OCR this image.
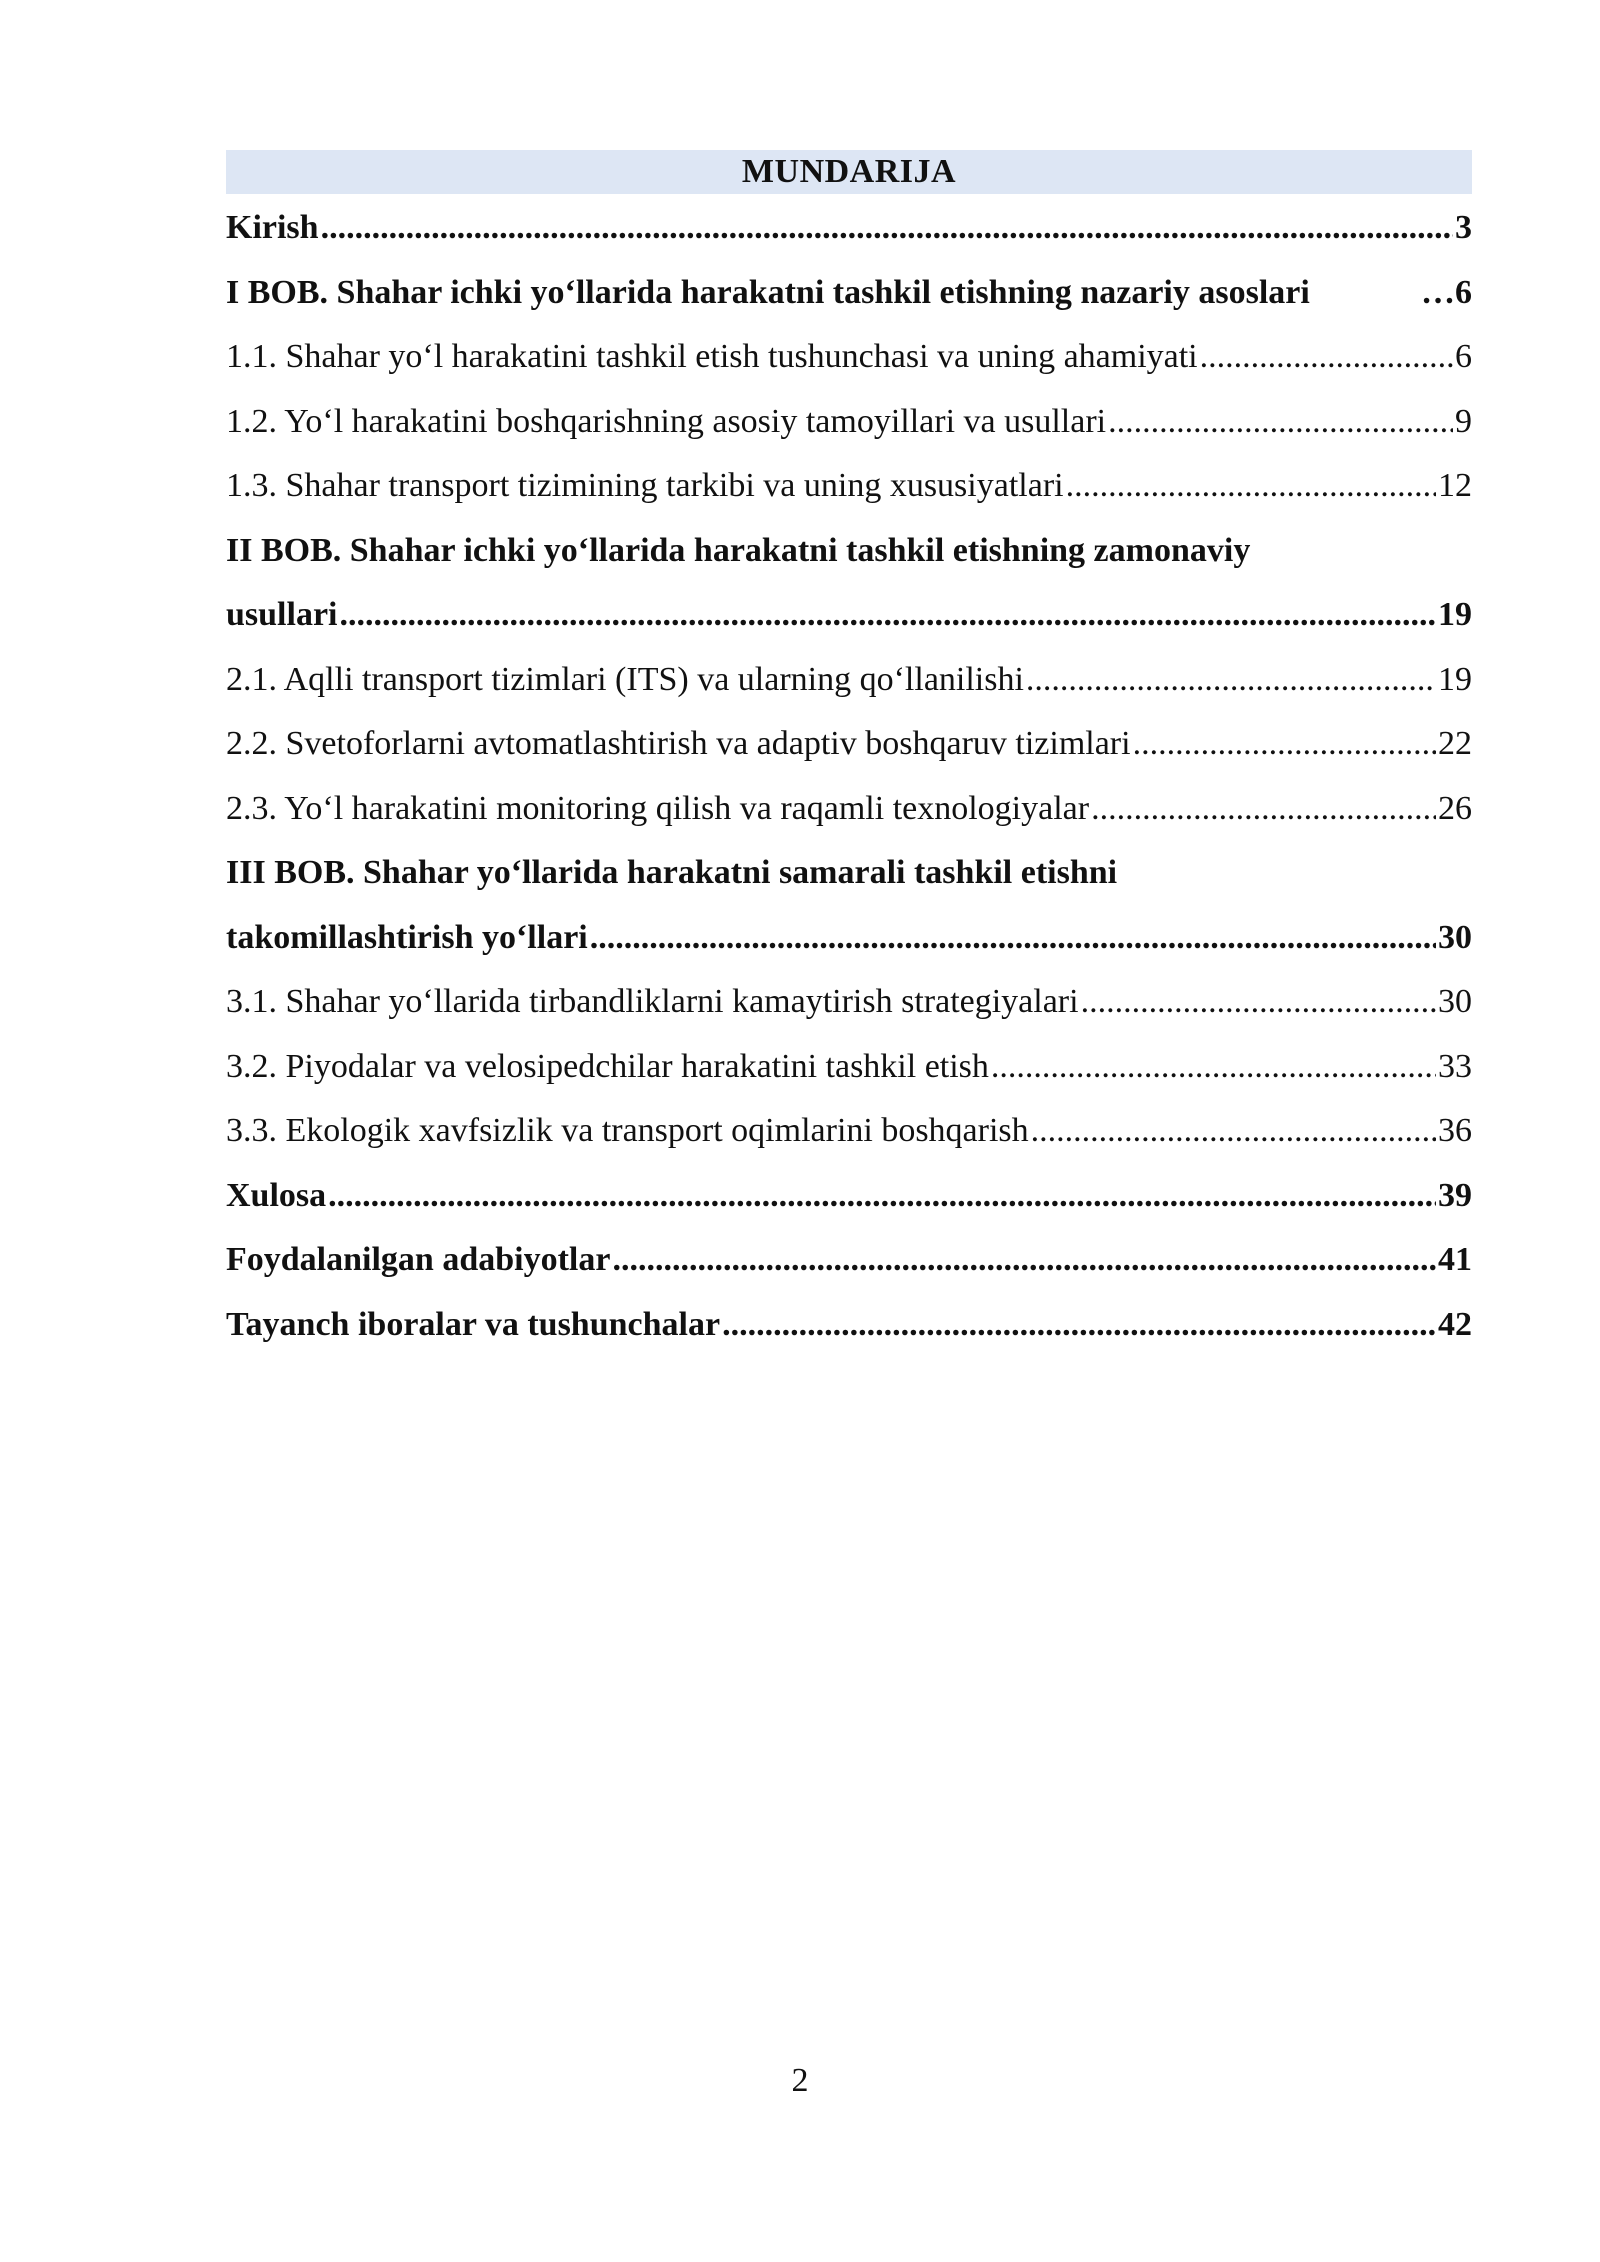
MUNDARIJA
Kirish .....	3
I BOB. Shahar ichki yo‘llarida harakatni tashkil etishning nazariy asoslari …	6
1.1. Shahar yo‘l harakatini tashkil etish tushunchasi va uning ahamiyati .....	6
1.2. Yo‘l harakatini boshqarishning asosiy tamoyillari va usullari .....	9
1.3. Shahar transport tizimining tarkibi va uning xususiyatlari .....	12
II BOB. Shahar ichki yo‘llarida harakatni tashkil etishning zamonaviy
usullari .....	19
2.1. Aqlli transport tizimlari (ITS) va ularning qo‘llanilishi .....	19
2.2. Svetoforlarni avtomatlashtirish va adaptiv boshqaruv tizimlari .....	22
2.3. Yo‘l harakatini monitoring qilish va raqamli texnologiyalar .....	26
III BOB. Shahar yo‘llarida harakatni samarali tashkil etishni
takomillashtirish yo‘llari .....	30
3.1. Shahar yo‘llarida tirbandliklarni kamaytirish strategiyalari .....	30
3.2. Piyodalar va velosipedchilar harakatini tashkil etish .....	33
3.3. Ekologik xavfsizlik va transport oqimlarini boshqarish .....	36
Xulosa .....	39
Foydalanilgan adabiyotlar .....	41
Tayanch iboralar va tushunchalar .....	42
2
